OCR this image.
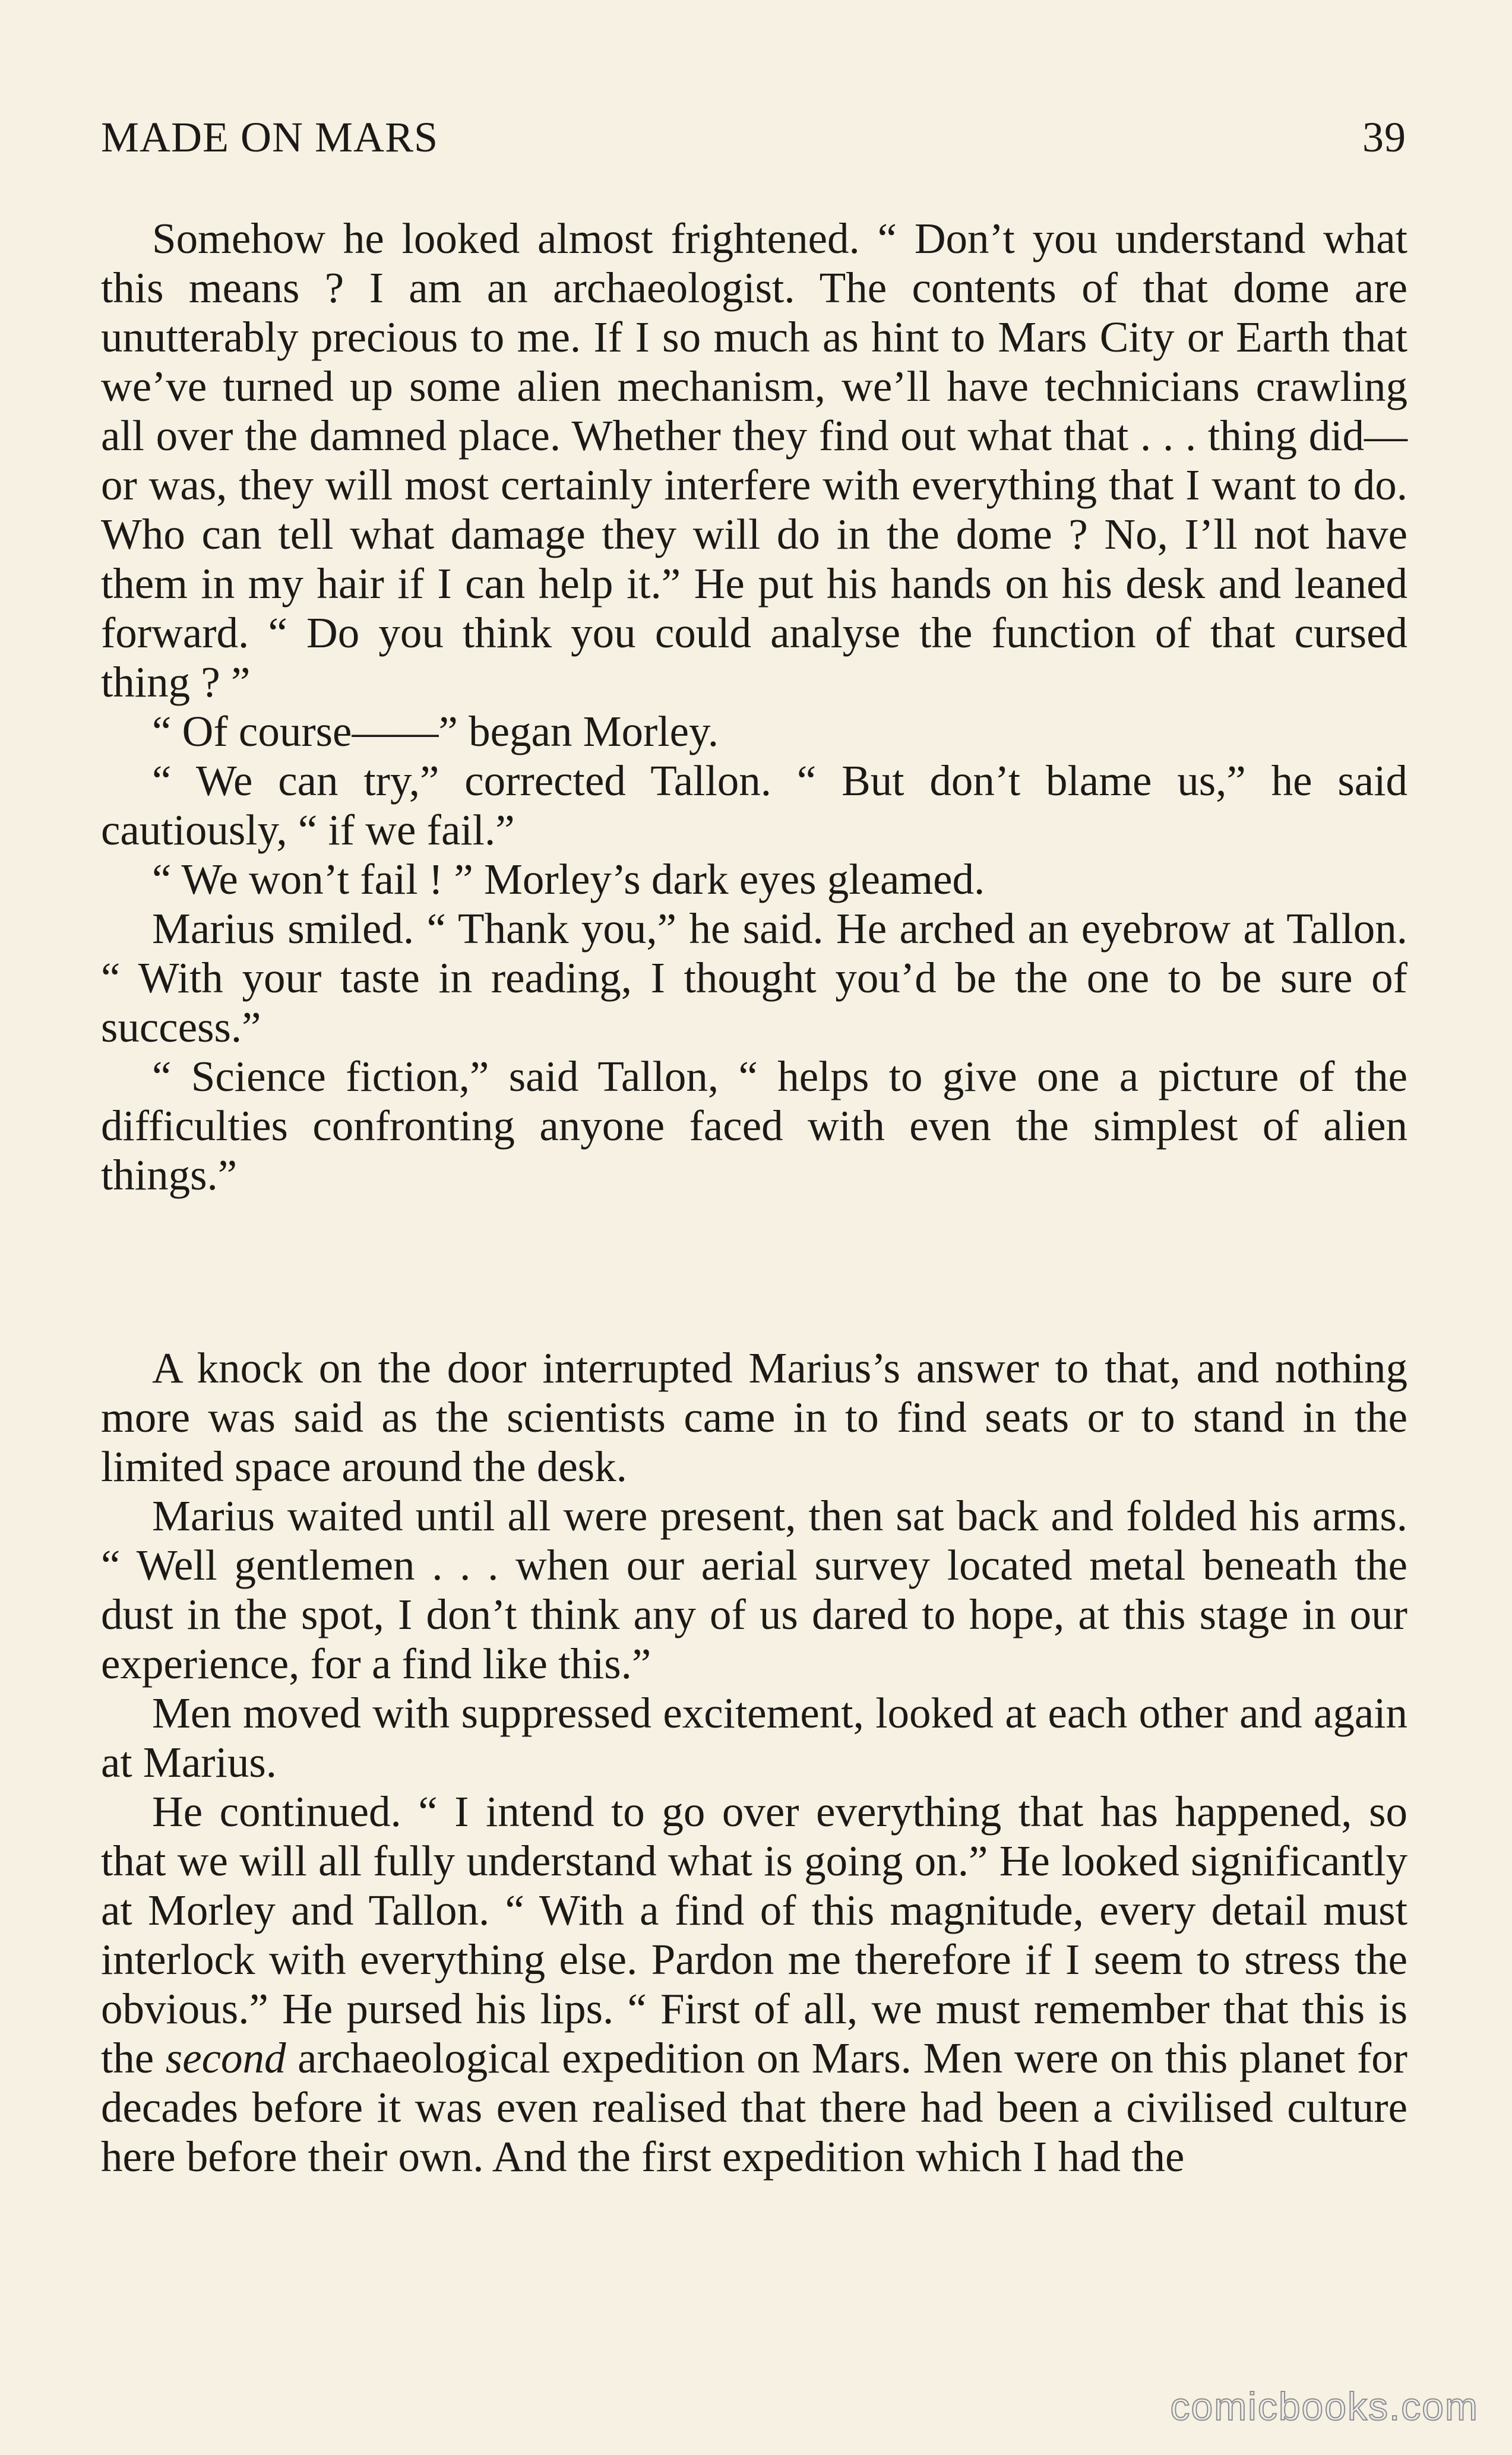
MADE ON MARS	39

Somehow he looked almost frightened. “ Don’t you understand what this means ? I am an archaeologist. The contents of that dome are unutterably precious to me. If I so much as hint to Mars City or Earth that we’ve turned up some alien mechanism, we’ll have technicians crawling all over the damned place. Whether they find out what that . . . thing did—or was, they will most certainly interfere with everything that I want to do. Who can tell what damage they will do in the dome ? No, I’ll not have them in my hair if I can help it.” He put his hands on his desk and leaned forward. “ Do you think you could analyse the function of that cursed thing ? ”

“ Of course——” began Morley.

“ We can try,” corrected Tallon. “ But don’t blame us,” he said cautiously, “ if we fail.”

“ We won’t fail ! ” Morley’s dark eyes gleamed.

Marius smiled. “ Thank you,” he said. He arched an eyebrow at Tallon. “ With your taste in reading, I thought you’d be the one to be sure of success.”

“ Science fiction,” said Tallon, “ helps to give one a picture of the difficulties confronting anyone faced with even the simplest of alien things.”

A knock on the door interrupted Marius’s answer to that, and nothing more was said as the scientists came in to find seats or to stand in the limited space around the desk.

Marius waited until all were present, then sat back and folded his arms. “ Well gentlemen . . . when our aerial survey located metal beneath the dust in the spot, I don’t think any of us dared to hope, at this stage in our experience, for a find like this.”

Men moved with suppressed excitement, looked at each other and again at Marius.

He continued. “ I intend to go over everything that has happened, so that we will all fully understand what is going on.” He looked significantly at Morley and Tallon. “ With a find of this magnitude, every detail must interlock with everything else. Pardon me therefore if I seem to stress the obvious.” He pursed his lips. “ First of all, we must remember that this is the second archaeological expedition on Mars. Men were on this planet for decades before it was even realised that there had been a civilised culture here before their own. And the first expedition which I had the

comicbooks.com
